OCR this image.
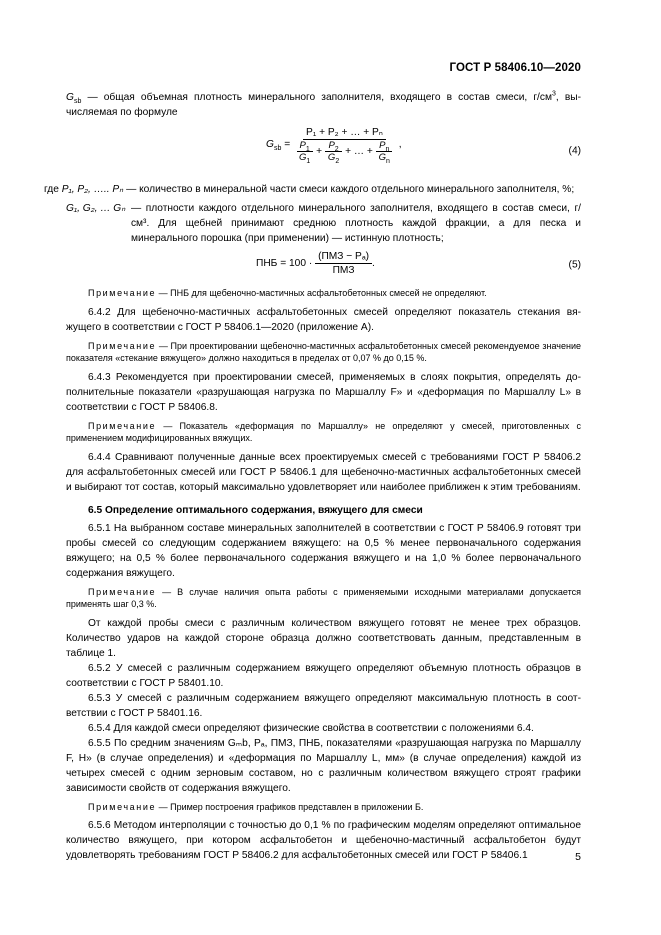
ГОСТ Р 58406.10—2020

$G_{sb}$ — общая объемная плотность минерального заполнителя, входящего в состав смеси, $г/см^3$, вычисляемая по формуле

$G_{sb}$ =
P₁ + P₂ + … + Pₙ
$\frac{P_1}{G_1} + \frac{P_2}{G_2}$ + … + $\frac{P_n}{G_n}$ ,
(4)
где P₁, P₂, ….. Pₙ — количество в минеральной части смеси каждого отдельного минерального заполнителя, %;
G₁, G₂, … Gₙ — плотности каждого отдельного минерального заполнителя, входящего в состав смеси, г/см³. Для щебней принимают среднюю плотность каждой фракции, а для песка и минерального порошка (при применении) — истинную плотность;
ПНБ = $100 \cdot \frac{\text{(ПМЗ − Pₐ)}}{\text{ПМЗ}}$ .	(5)

Примечание — ПНБ для щебеночно-мастичных асфальтобетонных смесей не определяют.

6.4.2 Для щебеночно-мастичных асфальтобетонных смесей определяют показатель стекания вяжущего в соответствии с ГОСТ Р 58406.1—2020 (приложение А).

Примечание — При проектировании щебеночно-мастичных асфальтобетонных смесей рекомендуемое значение показателя «стекание вяжущего» должно находиться в пределах от 0,07 % до 0,15 %.

6.4.3 Рекомендуется при проектировании смесей, применяемых в слоях покрытия, определять дополнительные показатели «разрушающая нагрузка по Маршаллу F» и «деформация по Маршаллу L» в соответствии с ГОСТ Р 58406.8.

Примечание — Показатель «деформация по Маршаллу» не определяют у смесей, приготовленных с применением модифицированных вяжущих.

6.4.4 Сравнивают полученные данные всех проектируемых смесей с требованиями ГОСТ Р 58406.2 для асфальтобетонных смесей или ГОСТ Р 58406.1 для щебеночно-мастичных асфальтобетонных смесей и выбирают тот состав, который максимально удовлетворяет или наиболее приближен к этим требованиям.

6.5 Определение оптимального содержания, вяжущего для смеси

6.5.1 На выбранном составе минеральных заполнителей в соответствии с ГОСТ Р 58406.9 готовят три пробы смесей со следующим содержанием вяжущего: на 0,5 % менее первоначального содержания вяжущего; на 0,5 % более первоначального содержания вяжущего и на 1,0 % более первоначального содержания вяжущего.

Примечание — В случае наличия опыта работы с применяемыми исходными материалами допускается применять шаг 0,3 %.

От каждой пробы смеси с различным количеством вяжущего готовят не менее трех образцов. Количество ударов на каждой стороне образца должно соответствовать данным, представленным в таблице 1.

6.5.2 У смесей с различным содержанием вяжущего определяют объемную плотность образцов в соответствии с ГОСТ Р 58401.10.

6.5.3 У смесей с различным содержанием вяжущего определяют максимальную плотность в соответствии с ГОСТ Р 58401.16.

6.5.4 Для каждой смеси определяют физические свойства в соответствии с положениями 6.4.

6.5.5 По средним значениям Gₘb, Pₐ, ПМЗ, ПНБ, показателями «разрушающая нагрузка по Маршаллу F, Н» (в случае определения) и «деформация по Маршаллу L, мм» (в случае определения) каждой из четырех смесей с одним зерновым составом, но с различным количеством вяжущего строят графики зависимости свойств от содержания вяжущего.

Примечание — Пример построения графиков представлен в приложении Б.

6.5.6 Методом интерполяции с точностью до 0,1 % по графическим моделям определяют оптимальное количество вяжущего, при котором асфальтобетон и щебеночно-мастичный асфальтобетон будут удовлетворять требованиям ГОСТ Р 58406.2 для асфальтобетонных смесей или ГОСТ Р 58406.1	5
